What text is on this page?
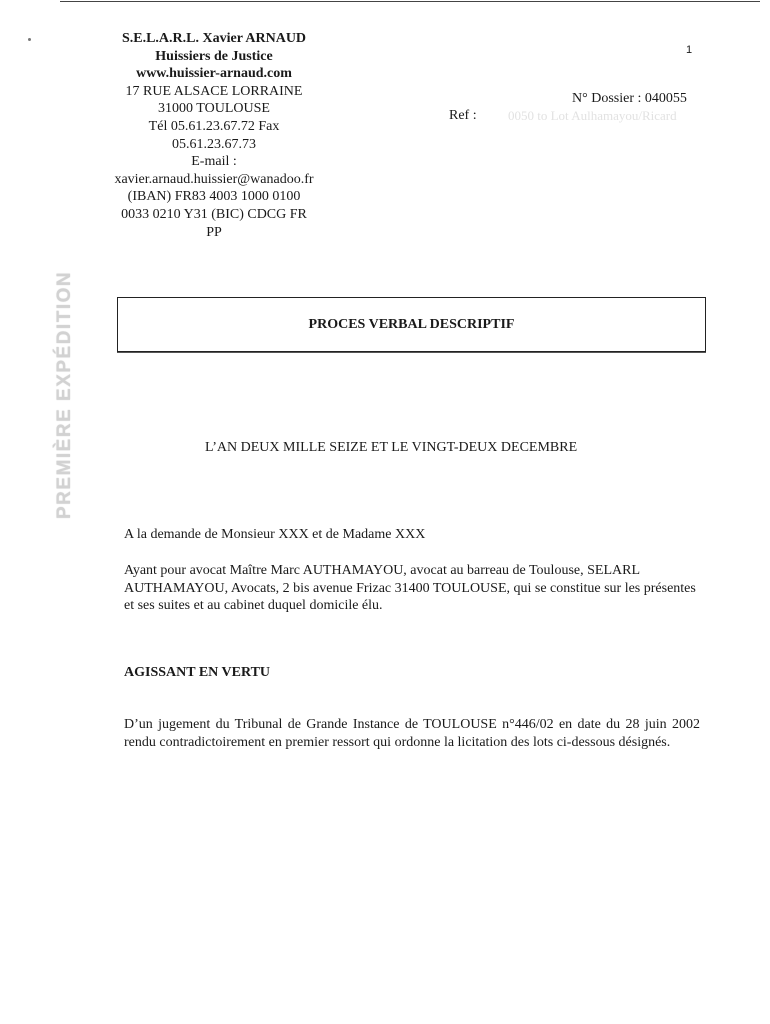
S.E.L.A.R.L. Xavier ARNAUD
Huissiers de Justice
www.huissier-arnaud.com
17 RUE ALSACE LORRAINE
31000 TOULOUSE
Tél 05.61.23.67.72 Fax
05.61.23.67.73
E-mail :
xavier.arnaud.huissier@wanadoo.fr
(IBAN) FR83 4003 1000 0100
0033 0210 Y31 (BIC) CDCG FR
PP
1
N° Dossier : 040055
Ref : 0050 to Lot Aulhamayou/Ricard
PREMIÈRE EXPÉDITION	PROCES VERBAL DESCRIPTIF
L’AN DEUX MILLE SEIZE ET LE VINGT-DEUX DECEMBRE
A la demande de Monsieur XXX et de Madame XXX
Ayant pour avocat Maître Marc AUTHAMAYOU, avocat au barreau de Toulouse, SELARL AUTHAMAYOU, Avocats, 2 bis avenue Frizac 31400 TOULOUSE, qui se constitue sur les présentes et ses suites et au cabinet duquel domicile élu.
AGISSANT EN VERTU
D’un jugement du Tribunal de Grande Instance de TOULOUSE n°446/02 en date du 28 juin 2002 rendu contradictoirement en premier ressort qui ordonne la licitation des lots ci-dessous désignés.
